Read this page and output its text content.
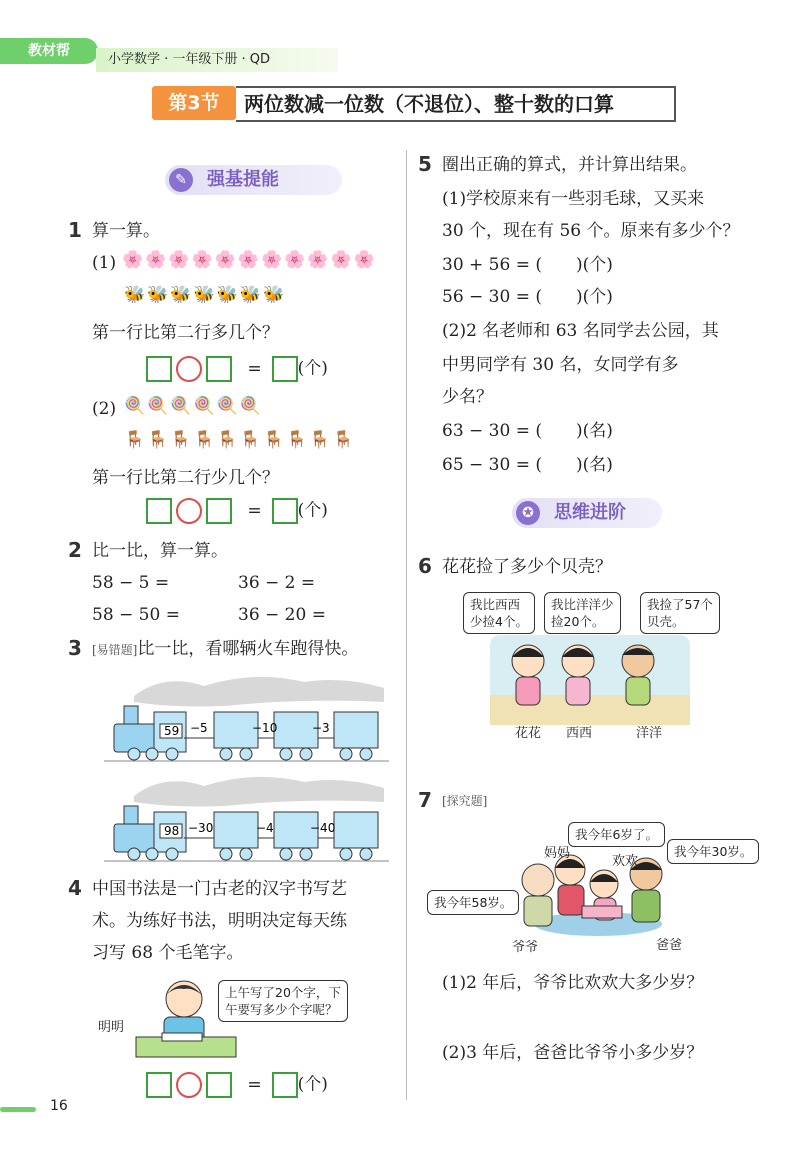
教材帮
小学数学 · 一年级下册 · QD
第3节	两位数减一位数（不退位）、整十数的口算
✎	强基提能
1 算一算。
(1) 🌸🌸🌸🌸🌸🌸🌸🌸🌸🌸🌸
🐝🐝🐝🐝🐝🐝🐝
第一行比第二行多几个？
= (个)
(2) 🍭🍭🍭🍭🍭🍭
🪑🪑🪑🪑🪑🪑🪑🪑🪑🪑
第一行比第二行少几个？
= (个)
2 比一比，算一算。
58 − 5 =	36 − 2 =
58 − 50 =	36 − 20 =
3 [易错题]比一比，看哪辆火车跑得快。
59 −5	−10	−3
98 −30	−4	−40
4 中国书法是一门古老的汉字书写艺
术。为练好书法，明明决定每天练
习写 68 个毛笔字。
明明
上午写了20个字，下
午要写多少个字呢？
= (个)
5 圈出正确的算式，并计算出结果。
(1)学校原来有一些羽毛球，又买来
30 个，现在有 56 个。原来有多少个？
30 + 56 = (　　)(个)
56 − 30 = (　　)(个)
(2)2 名老师和 63 名同学去公园，其
中男同学有 30 名，女同学有多
少名？
63 − 30 = (　　)(名)
65 − 30 = (　　)(名)
✪	思维进阶
6 花花捡了多少个贝壳？
我比西西
少捡4个。
我比洋洋少
捡20个。
我捡了57个
贝壳。
花花 西西	洋洋
7 [探究题]
我今年6岁了。
我今年30岁。
我今年58岁。
妈妈
欢欢
爷爷	爸爸
(1)2 年后，爷爷比欢欢大多少岁？
(2)3 年后，爸爸比爷爷小多少岁？
16
